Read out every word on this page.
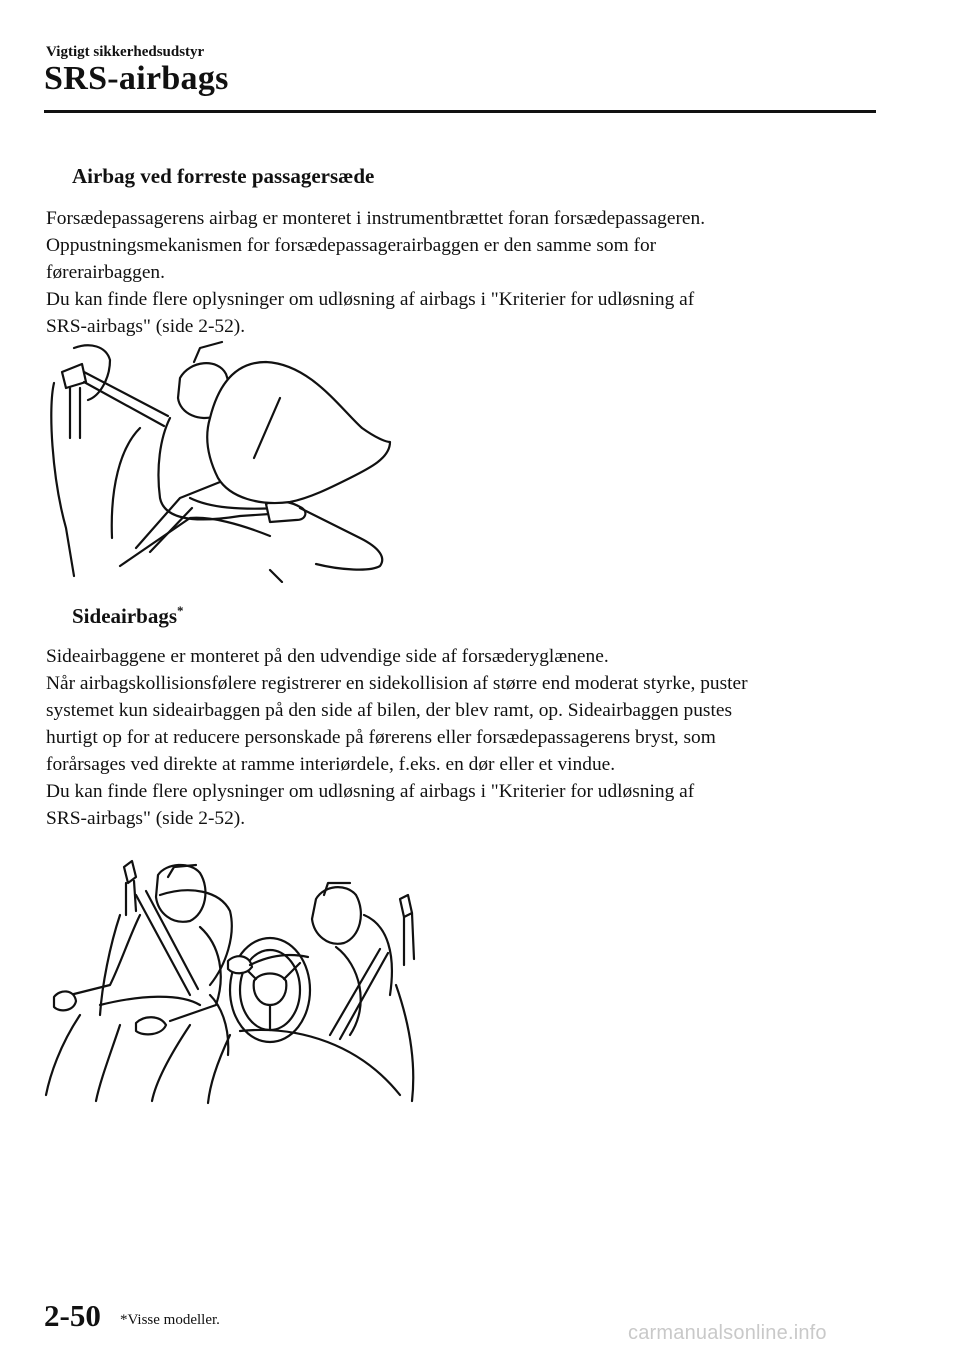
Vigtigt sikkerhedsudstyr
SRS-airbags
Airbag ved forreste passagersæde
Forsædepassagerens airbag er monteret i instrumentbrættet foran forsædepassageren.
Oppustningsmekanismen for forsædepassagerairbaggen er den samme som for
førerairbaggen.
Du kan finde flere oplysninger om udløsning af airbags i "Kriterier for udløsning af
SRS-airbags" (side 2-52).
Sideairbags*
Sideairbaggene er monteret på den udvendige side af forsæderyglænene.
Når airbagskollisionsfølere registrerer en sidekollision af større end moderat styrke, puster
systemet kun sideairbaggen på den side af bilen, der blev ramt, op. Sideairbaggen pustes
hurtigt op for at reducere personskade på førerens eller forsædepassagerens bryst, som
forårsages ved direkte at ramme interiørdele, f.eks. en dør eller et vindue.
Du kan finde flere oplysninger om udløsning af airbags i "Kriterier for udløsning af
SRS-airbags" (side 2-52).
2-50 *Visse modeller.
carmanualsonline.info
